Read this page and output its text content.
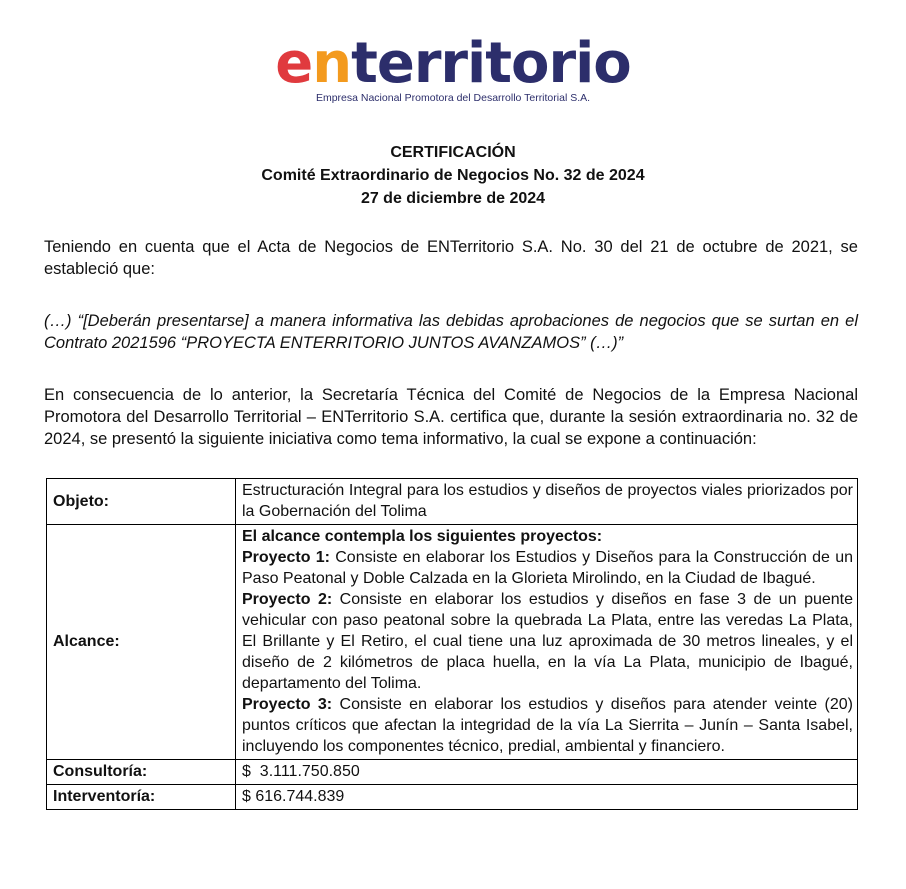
enterritorio
Empresa Nacional Promotora del Desarrollo Territorial S.A.
CERTIFICACIÓN
Comité Extraordinario de Negocios No. 32 de 2024
27 de diciembre de 2024
Teniendo en cuenta que el Acta de Negocios de ENTerritorio S.A. No. 30 del 21 de octubre de 2021, se estableció que:
(…) “[Deberán presentarse] a manera informativa las debidas aprobaciones de negocios que se surtan en el Contrato 2021596 “PROYECTA ENTERRITORIO JUNTOS AVANZAMOS” (…)”
En consecuencia de lo anterior, la Secretaría Técnica del Comité de Negocios de la Empresa Nacional Promotora del Desarrollo Territorial – ENTerritorio S.A. certifica que, durante la sesión extraordinaria no. 32 de 2024, se presentó la siguiente iniciativa como tema informativo, la cual se expone a continuación:
Objeto:	Estructuración Integral para los estudios y diseños de proyectos viales priorizados por la Gobernación del Tolima
Alcance:	El alcance contempla los siguientes proyectos:
Proyecto 1: Consiste en elaborar los Estudios y Diseños para la Construcción de un Paso Peatonal y Doble Calzada en la Glorieta Mirolindo, en la Ciudad de Ibagué.
Proyecto 2: Consiste en elaborar los estudios y diseños en fase 3 de un puente vehicular con paso peatonal sobre la quebrada La Plata, entre las veredas La Plata, El Brillante y El Retiro, el cual tiene una luz aproximada de 30 metros lineales, y el diseño de 2 kilómetros de placa huella, en la vía La Plata, municipio de Ibagué, departamento del Tolima.
Proyecto 3: Consiste en elaborar los estudios y diseños para atender veinte (20) puntos críticos que afectan la integridad de la vía La Sierrita – Junín – Santa Isabel, incluyendo los componentes técnico, predial, ambiental y financiero.

Consultoría:	$  3.111.750.850
Interventoría:	$ 616.744.839
